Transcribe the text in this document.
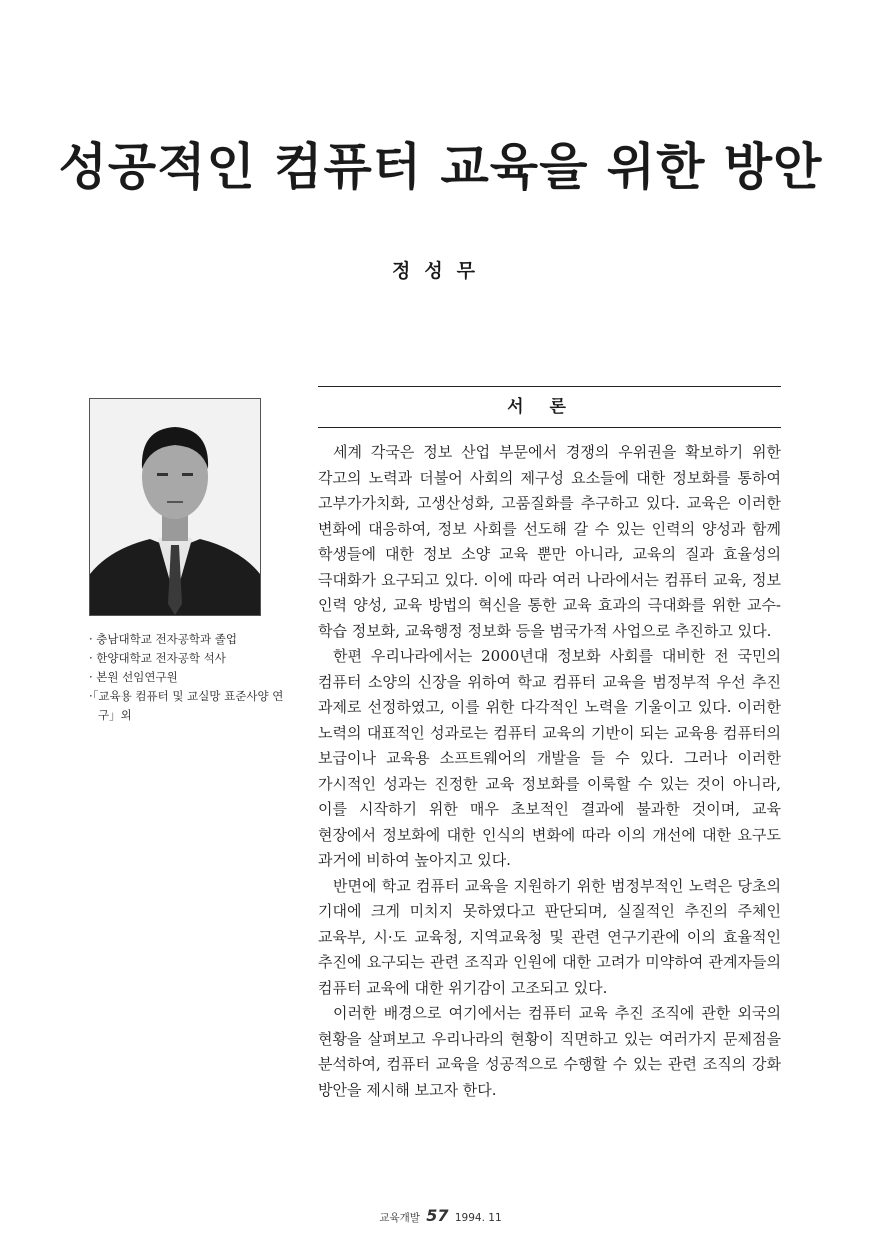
성공적인 컴퓨터 교육을 위한 방안
정성무
· 충남대학교 전자공학과 졸업
· 한양대학교 전자공학 석사
· 본원 선임연구원
·「교육용 컴퓨터 및 교실망 표준사양 연구」외
서론

세계 각국은 정보 산업 부문에서 경쟁의 우위권을 확보하기 위한 각고의 노력과 더불어 사회의 제구성 요소들에 대한 정보화를 통하여 고부가가치화, 고생산성화, 고품질화를 추구하고 있다. 교육은 이러한 변화에 대응하여, 정보 사회를 선도해 갈 수 있는 인력의 양성과 함께 학생들에 대한 정보 소양 교육 뿐만 아니라, 교육의 질과 효율성의 극대화가 요구되고 있다. 이에 따라 여러 나라에서는 컴퓨터 교육, 정보 인력 양성, 교육 방법의 혁신을 통한 교육 효과의 극대화를 위한 교수-학습 정보화, 교육행정 정보화 등을 범국가적 사업으로 추진하고 있다.

한편 우리나라에서는 2000년대 정보화 사회를 대비한 전 국민의 컴퓨터 소양의 신장을 위하여 학교 컴퓨터 교육을 범정부적 우선 추진 과제로 선정하였고, 이를 위한 다각적인 노력을 기울이고 있다. 이러한 노력의 대표적인 성과로는 컴퓨터 교육의 기반이 되는 교육용 컴퓨터의 보급이나 교육용 소프트웨어의 개발을 들 수 있다. 그러나 이러한 가시적인 성과는 진정한 교육 정보화를 이룩할 수 있는 것이 아니라, 이를 시작하기 위한 매우 초보적인 결과에 불과한 것이며, 교육 현장에서 정보화에 대한 인식의 변화에 따라 이의 개선에 대한 요구도 과거에 비하여 높아지고 있다.

반면에 학교 컴퓨터 교육을 지원하기 위한 범정부적인 노력은 당초의 기대에 크게 미치지 못하였다고 판단되며, 실질적인 추진의 주체인 교육부, 시·도 교육청, 지역교육청 및 관련 연구기관에 이의 효율적인 추진에 요구되는 관련 조직과 인원에 대한 고려가 미약하여 관계자들의 컴퓨터 교육에 대한 위기감이 고조되고 있다.

이러한 배경으로 여기에서는 컴퓨터 교육 추진 조직에 관한 외국의 현황을 살펴보고 우리나라의 현황이 직면하고 있는 여러가지 문제점을 분석하여, 컴퓨터 교육을 성공적으로 수행할 수 있는 관련 조직의 강화 방안을 제시해 보고자 한다.

교육개발 57 1994. 11
